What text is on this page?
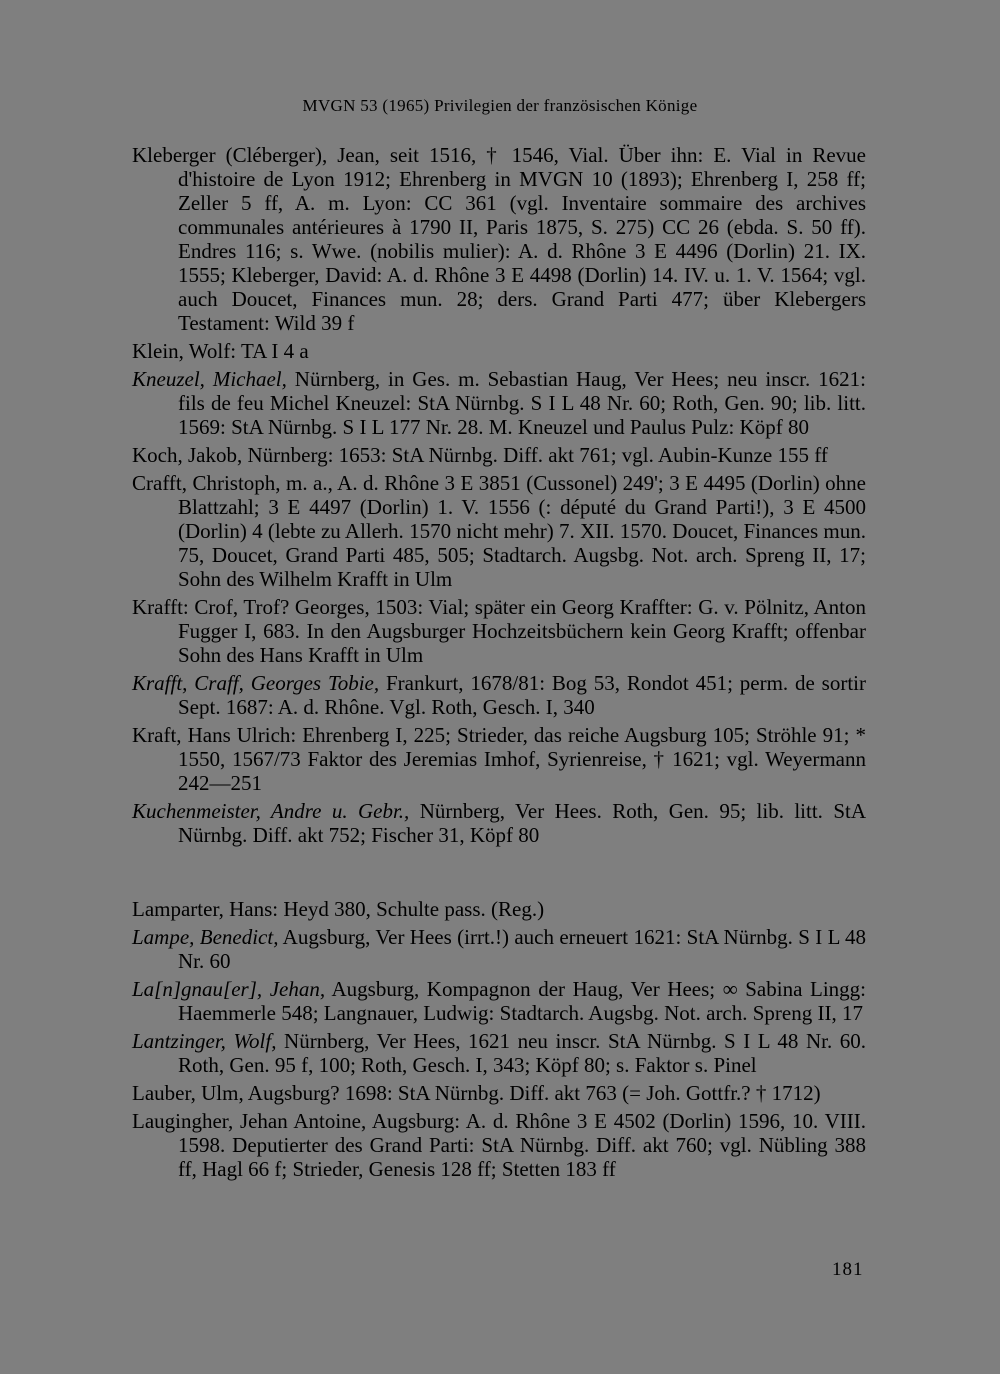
MVGN 53 (1965) Privilegien der französischen Könige

Kleberger (Cléberger), Jean, seit 1516, † 1546, Vial. Über ihn: E. Vial in Revue d'histoire de Lyon 1912; Ehrenberg in MVGN 10 (1893); Ehrenberg I, 258 ff; Zeller 5 ff, A. m. Lyon: CC 361 (vgl. Inventaire sommaire des archives communales antérieures à 1790 II, Paris 1875, S. 275) CC 26 (ebda. S. 50 ff). Endres 116; s. Wwe. (nobilis mulier): A. d. Rhône 3 E 4496 (Dorlin) 21. IX. 1555; Kleberger, David: A. d. Rhône 3 E 4498 (Dorlin) 14. IV. u. 1. V. 1564; vgl. auch Doucet, Finances mun. 28; ders. Grand Parti 477; über Klebergers Testament: Wild 39 f

Klein, Wolf: TA I 4 a

Kneuzel, Michael, Nürnberg, in Ges. m. Sebastian Haug, Ver Hees; neu inscr. 1621: fils de feu Michel Kneuzel: StA Nürnbg. S I L 48 Nr. 60; Roth, Gen. 90; lib. litt. 1569: StA Nürnbg. S I L 177 Nr. 28. M. Kneuzel und Paulus Pulz: Köpf 80

Koch, Jakob, Nürnberg: 1653: StA Nürnbg. Diff. akt 761; vgl. Aubin-Kunze 155 ff

Crafft, Christoph, m. a., A. d. Rhône 3 E 3851 (Cussonel) 249'; 3 E 4495 (Dorlin) ohne Blattzahl; 3 E 4497 (Dorlin) 1. V. 1556 (: député du Grand Parti!), 3 E 4500 (Dorlin) 4 (lebte zu Allerh. 1570 nicht mehr) 7. XII. 1570. Doucet, Finances mun. 75, Doucet, Grand Parti 485, 505; Stadtarch. Augsbg. Not. arch. Spreng II, 17; Sohn des Wilhelm Krafft in Ulm

Krafft: Crof, Trof? Georges, 1503: Vial; später ein Georg Kraffter: G. v. Pölnitz, Anton Fugger I, 683. In den Augsburger Hochzeitsbüchern kein Georg Krafft; offenbar Sohn des Hans Krafft in Ulm

Krafft, Craff, Georges Tobie, Frankurt, 1678/81: Bog 53, Rondot 451; perm. de sortir Sept. 1687: A. d. Rhône. Vgl. Roth, Gesch. I, 340

Kraft, Hans Ulrich: Ehrenberg I, 225; Strieder, das reiche Augsburg 105; Ströhle 91; * 1550, 1567/73 Faktor des Jeremias Imhof, Syrienreise, † 1621; vgl. Weyermann 242—251

Kuchenmeister, Andre u. Gebr., Nürnberg, Ver Hees. Roth, Gen. 95; lib. litt. StA Nürnbg. Diff. akt 752; Fischer 31, Köpf 80

Lamparter, Hans: Heyd 380, Schulte pass. (Reg.)

Lampe, Benedict, Augsburg, Ver Hees (irrt.!) auch erneuert 1621: StA Nürnbg. S I L 48 Nr. 60

La[n]gnau[er], Jehan, Augsburg, Kompagnon der Haug, Ver Hees; ∞ Sabina Lingg: Haemmerle 548; Langnauer, Ludwig: Stadtarch. Augsbg. Not. arch. Spreng II, 17

Lantzinger, Wolf, Nürnberg, Ver Hees, 1621 neu inscr. StA Nürnbg. S I L 48 Nr. 60. Roth, Gen. 95 f, 100; Roth, Gesch. I, 343; Köpf 80; s. Faktor s. Pinel

Lauber, Ulm, Augsburg? 1698: StA Nürnbg. Diff. akt 763 (= Joh. Gottfr.? † 1712)

Laugingher, Jehan Antoine, Augsburg: A. d. Rhône 3 E 4502 (Dorlin) 1596, 10. VIII. 1598. Deputierter des Grand Parti: StA Nürnbg. Diff. akt 760; vgl. Nübling 388 ff, Hagl 66 f; Strieder, Genesis 128 ff; Stetten 183 ff

181
